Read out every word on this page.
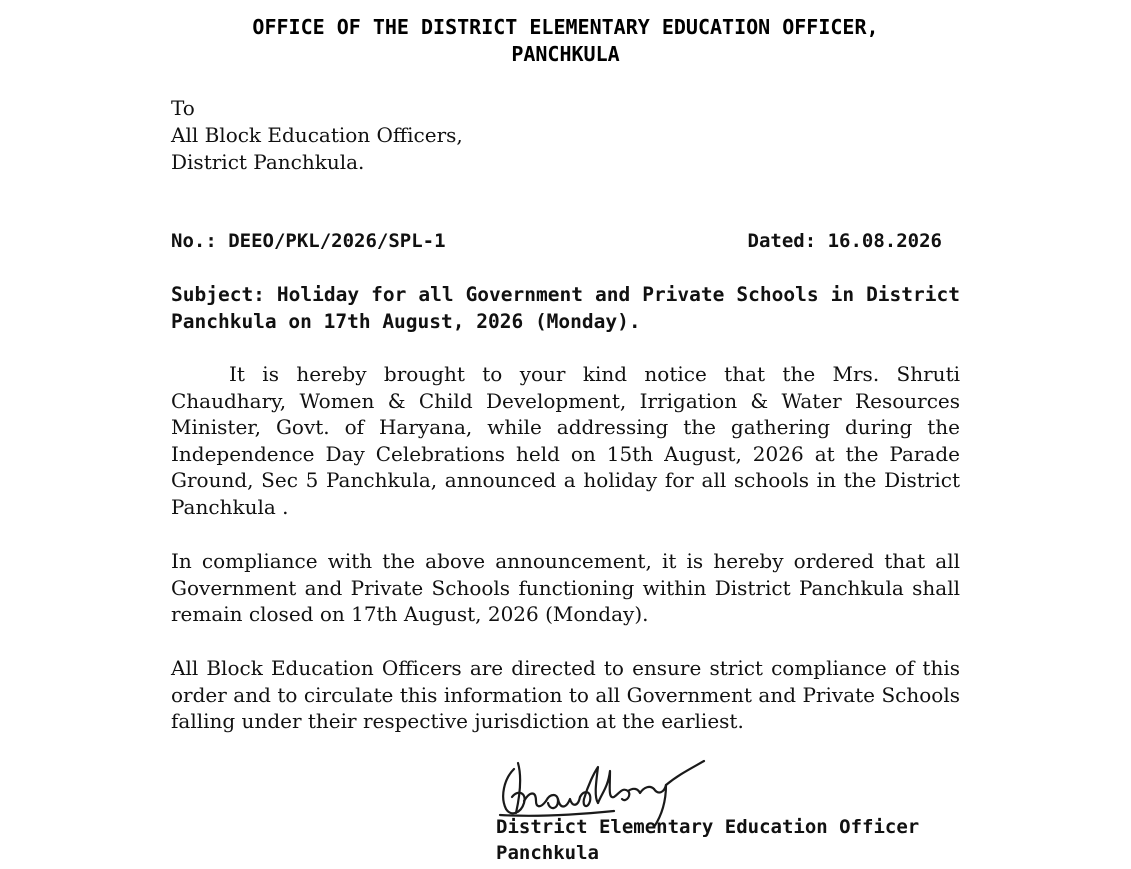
OFFICE OF THE DISTRICT ELEMENTARY EDUCATION OFFICER,
PANCHKULA
To
All Block Education Officers,
District Panchkula.
No.: DEEO/PKL/2026/SPL-1	Dated: 16.08.2026
Subject: Holiday for all Government and Private Schools in District Panchkula on 17th August, 2026 (Monday).
It is hereby brought to your kind notice that the Mrs. Shruti Chaudhary, Women & Child Development, Irrigation & Water Resources Minister, Govt. of Haryana, while addressing the gathering during the Independence Day Celebrations held on 15th August, 2026 at the Parade Ground, Sec 5 Panchkula, announced a holiday for all schools in the District Panchkula .
In compliance with the above announcement, it is hereby ordered that all Government and Private Schools functioning within District Panchkula shall remain closed on 17th August, 2026 (Monday).
All Block Education Officers are directed to ensure strict compliance of this order and to circulate this information to all Government and Private Schools falling under their respective jurisdiction at the earliest.
District Elementary Education Officer
Panchkula
